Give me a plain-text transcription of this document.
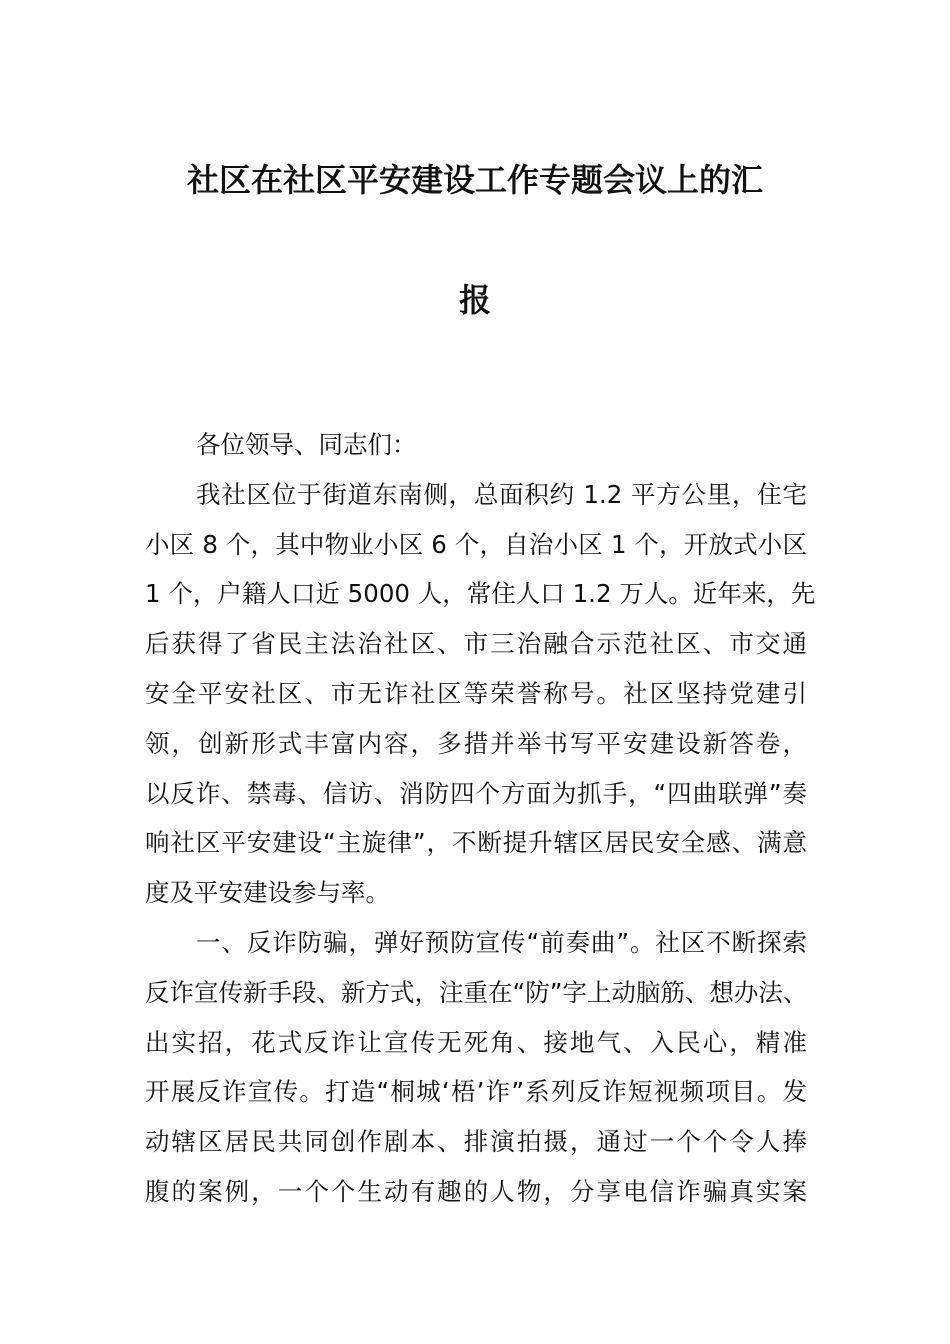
社区在社区平安建设工作专题会议上的汇
报
各位领导、同志们：
我社区位于街道东南侧，总面积约 1.2 平方公里，住宅
小区 8 个，其中物业小区 6 个，自治小区 1 个，开放式小区
1 个，户籍人口近 5000 人，常住人口 1.2 万人。近年来，先
后获得了省民主法治社区、市三治融合示范社区、市交通
安全平安社区、市无诈社区等荣誉称号。社区坚持党建引
领，创新形式丰富内容，多措并举书写平安建设新答卷，
以反诈、禁毒、信访、消防四个方面为抓手，“四曲联弹”奏
响社区平安建设“主旋律”，不断提升辖区居民安全感、满意
度及平安建设参与率。
一、反诈防骗，弹好预防宣传“前奏曲”。社区不断探索
反诈宣传新手段、新方式，注重在“防”字上动脑筋、想办法、
出实招，花式反诈让宣传无死角、接地气、入民心，精准
开展反诈宣传。打造“桐城‘梧’诈”系列反诈短视频项目。发
动辖区居民共同创作剧本、排演拍摄，通过一个个令人捧
腹的案例，一个个生动有趣的人物，分享电信诈骗真实案
